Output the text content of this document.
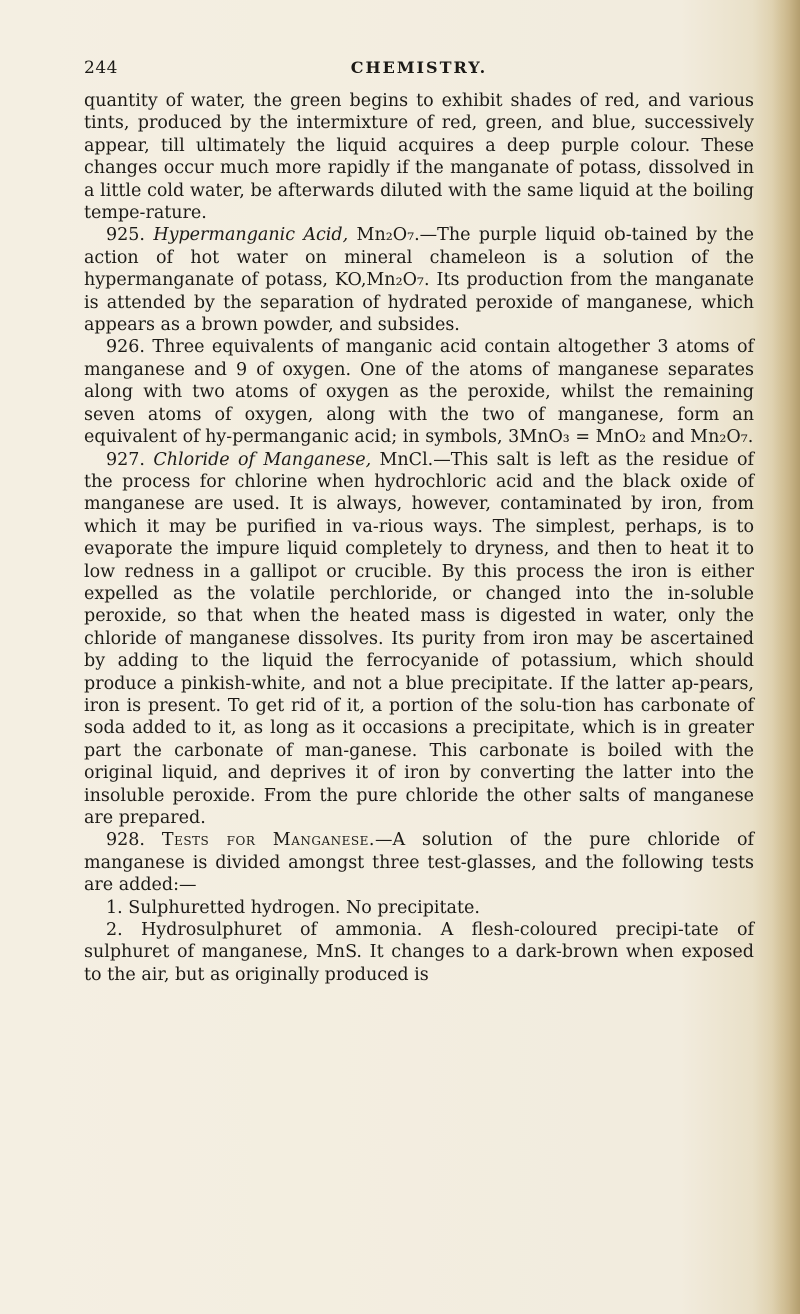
244	CHEMISTRY.

quantity of water, the green begins to exhibit shades of red, and various tints, produced by the intermixture of red, green, and blue, successively appear, till ultimately the liquid acquires a deep purple colour. These changes occur much more rapidly if the manganate of potass, dissolved in a little cold water, be afterwards diluted with the same liquid at the boiling tempe-rature.

925. Hypermanganic Acid, Mn₂O₇.—The purple liquid ob-tained by the action of hot water on mineral chameleon is a solution of the hypermanganate of potass, KO,Mn₂O₇. Its production from the manganate is attended by the separation of hydrated peroxide of manganese, which appears as a brown powder, and subsides.

926. Three equivalents of manganic acid contain altogether 3 atoms of manganese and 9 of oxygen. One of the atoms of manganese separates along with two atoms of oxygen as the peroxide, whilst the remaining seven atoms of oxygen, along with the two of manganese, form an equivalent of hy-permanganic acid; in symbols, 3MnO₃ = MnO₂ and Mn₂O₇.

927. Chloride of Manganese, MnCl.—This salt is left as the residue of the process for chlorine when hydrochloric acid and the black oxide of manganese are used. It is always, however, contaminated by iron, from which it may be purified in va-rious ways. The simplest, perhaps, is to evaporate the impure liquid completely to dryness, and then to heat it to low redness in a gallipot or crucible. By this process the iron is either expelled as the volatile perchloride, or changed into the in-soluble peroxide, so that when the heated mass is digested in water, only the chloride of manganese dissolves. Its purity from iron may be ascertained by adding to the liquid the ferrocyanide of potassium, which should produce a pinkish-white, and not a blue precipitate. If the latter ap-pears, iron is present. To get rid of it, a portion of the solu-tion has carbonate of soda added to it, as long as it occasions a precipitate, which is in greater part the carbonate of man-ganese. This carbonate is boiled with the original liquid, and deprives it of iron by converting the latter into the insoluble peroxide. From the pure chloride the other salts of manganese are prepared.

928. Tests for Manganese.—A solution of the pure chloride of manganese is divided amongst three test-glasses, and the following tests are added:—

1. Sulphuretted hydrogen. No precipitate.

2. Hydrosulphuret of ammonia. A flesh-coloured precipi-tate of sulphuret of manganese, MnS. It changes to a dark-brown when exposed to the air, but as originally produced is
